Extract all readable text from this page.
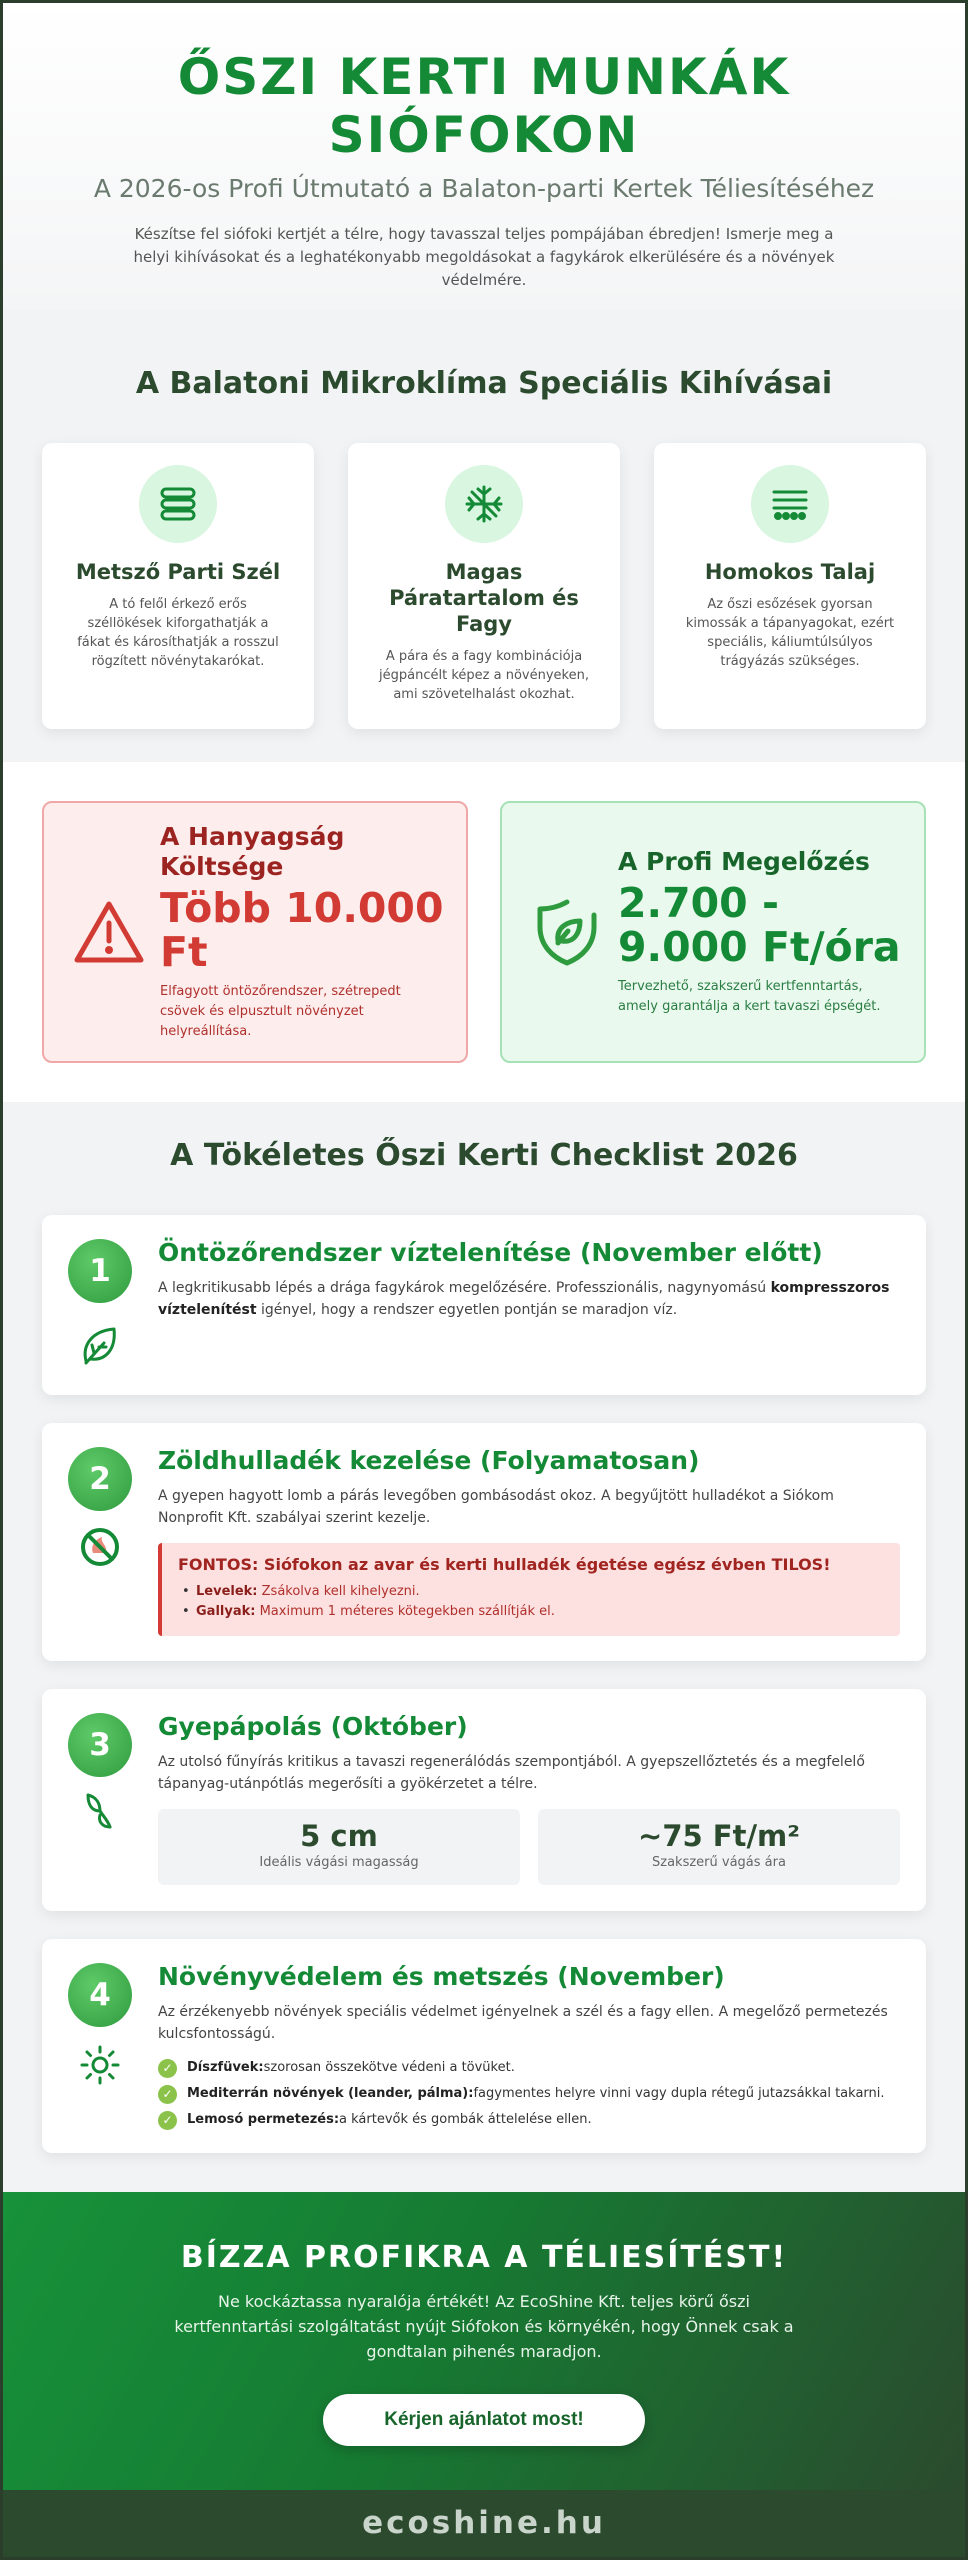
ŐSZI KERTI MUNKÁK SIÓFOKON
A 2026-os Profi Útmutató a Balaton-parti Kertek Téliesítéséhez

Készítse fel siófoki kertjét a télre, hogy tavasszal teljes pompájában ébredjen! Ismerje meg a helyi kihívásokat és a leghatékonyabb megoldásokat a fagykárok elkerülésére és a növények védelmére.

A Balatoni Mikroklíma Speciális Kihívásai
Metsző Parti Szél
A tó felől érkező erős széllökések kiforgathatják a fákat és károsíthatják a rosszul rögzített növénytakarókat.
Magas Páratartalom és Fagy
A pára és a fagy kombinációja jégpáncélt képez a növényeken, ami szövetelhalást okozhat.
Homokos Talaj
Az őszi esőzések gyorsan kimossák a tápanyagokat, ezért speciális, káliumtúlsúlyos trágyázás szükséges.
A Hanyagság Költsége
Több 10.000 Ft
Elfagyott öntözőrendszer, szétrepedt csövek és elpusztult növényzet helyreállítása.
A Profi Megelőzés
2.700 - 9.000 Ft/óra
Tervezhető, szakszerű kertfenntartás, amely garantálja a kert tavaszi épségét.
A Tökéletes Őszi Kerti Checklist 2026
1
Öntözőrendszer víztelenítése (November előtt)
A legkritikusabb lépés a drága fagykárok megelőzésére. Professzionális, nagynyomású kompresszoros víztelenítést igényel, hogy a rendszer egyetlen pontján se maradjon víz.
2
Zöldhulladék kezelése (Folyamatosan)
A gyepen hagyott lomb a párás levegőben gombásodást okoz. A begyűjtött hulladékot a Siókom Nonprofit Kft. szabályai szerint kezelje.
FONTOS: Siófokon az avar és kerti hulladék égetése egész évben TILOS!
• Levelek: Zsákolva kell kihelyezni.
• Gallyak: Maximum 1 méteres kötegekben szállítják el.
3
Gyepápolás (Október)
Az utolsó fűnyírás kritikus a tavaszi regenerálódás szempontjából. A gyepszellőztetés és a megfelelő tápanyag-utánpótlás megerősíti a gyökérzetet a télre.
5 cm
Ideális vágási magasság
~75 Ft/m²
Szakszerű vágás ára
4
Növényvédelem és metszés (November)
Az érzékenyebb növények speciális védelmet igényelnek a szél és a fagy ellen. A megelőző permetezés kulcsfontosságú.
✓	Díszfüvek:szorosan összekötve védeni a tövüket.
✓	Mediterrán növények (leander, pálma):fagymentes helyre vinni vagy dupla rétegű jutazsákkal takarni.
✓	Lemosó permetezés:a kártevők és gombák áttelelése ellen.
BÍZZA PROFIKRA A TÉLIESÍTÉST!

Ne kockáztassa nyaralója értékét! Az EcoShine Kft. teljes körű őszi kertfenntartási szolgáltatást nyújt Siófokon és környékén, hogy Önnek csak a gondtalan pihenés maradjon.

Kérjen ajánlatot most!
ecoshine.hu
